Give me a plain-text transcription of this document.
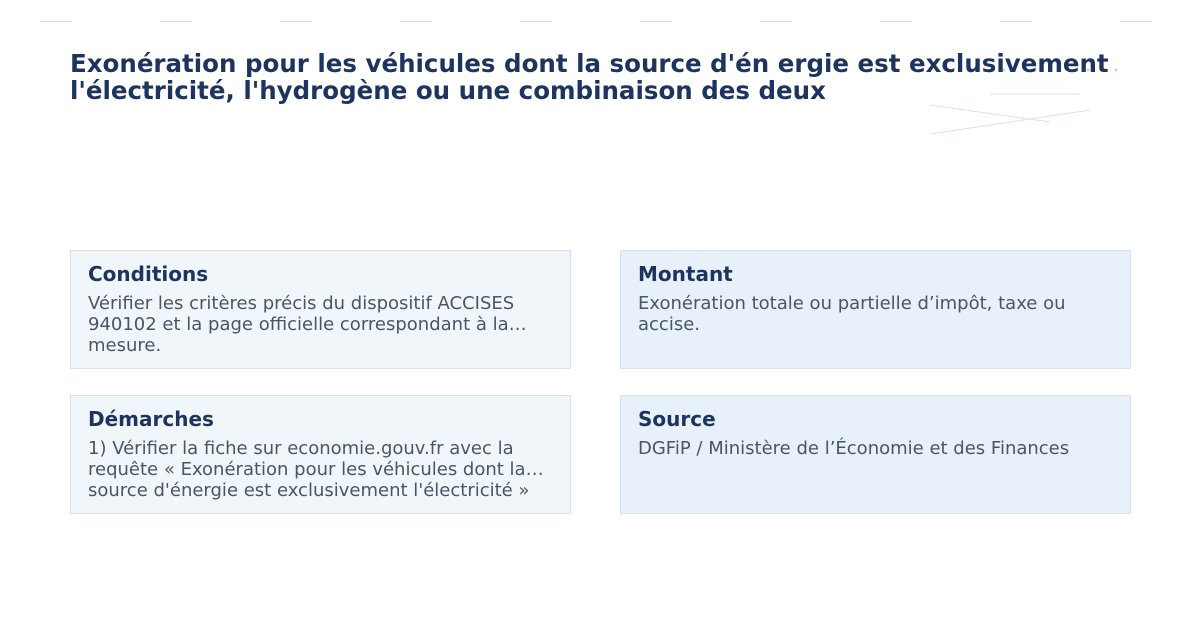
Exonération pour les véhicules dont la source d'én ergie est exclusivement l'électricité, l'hydrogène ou une combinaison des deux
Conditions
Vérifier les critères précis du dispositif ACCISES 940102 et la page officielle correspondant à la mesure.
Montant
Exonération totale ou partielle d’impôt, taxe ou accise.
Démarches
1) Vérifier la fiche sur economie.gouv.fr avec la requête « Exonération pour les véhicules dont la source d'énergie est exclusivement l'électricité »
Source
DGFiP / Ministère de l’Économie et des Finances
